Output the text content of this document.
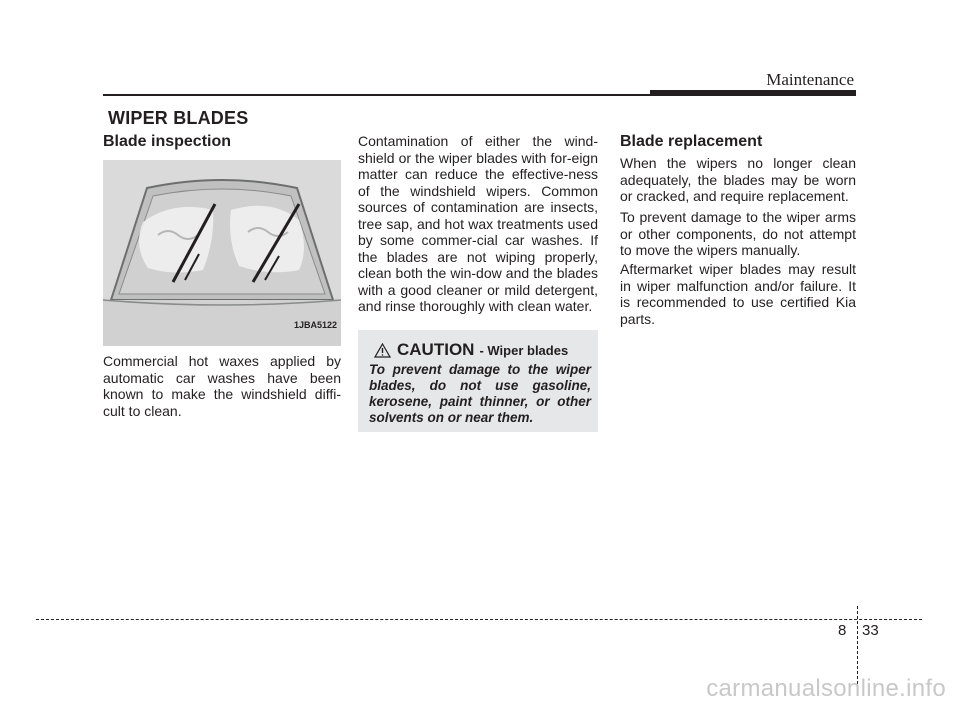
Maintenance
WIPER BLADES
Blade inspection
1JBA5122

Commercial hot waxes applied by automatic car washes have been known to make the windshield diffi-cult to clean.

Contamination of either the wind-shield or the wiper blades with for-eign matter can reduce the effective-ness of the windshield wipers. Common sources of contamination are insects, tree sap, and hot wax treatments used by some commer-cial car washes. If the blades are not wiping properly, clean both the win-dow and the blades with a good cleaner or mild detergent, and rinse thoroughly with clean water.

CAUTION - Wiper blades

To prevent damage to the wiper blades, do not use gasoline, kerosene, paint thinner, or other solvents on or near them.

Blade replacement

When the wipers no longer clean adequately, the blades may be worn or cracked, and require replacement.

To prevent damage to the wiper arms or other components, do not attempt to move the wipers manually.

Aftermarket wiper blades may result in wiper malfunction and/or failure. It is recommended to use certified Kia parts.

8 33
carmanualsonline.info
